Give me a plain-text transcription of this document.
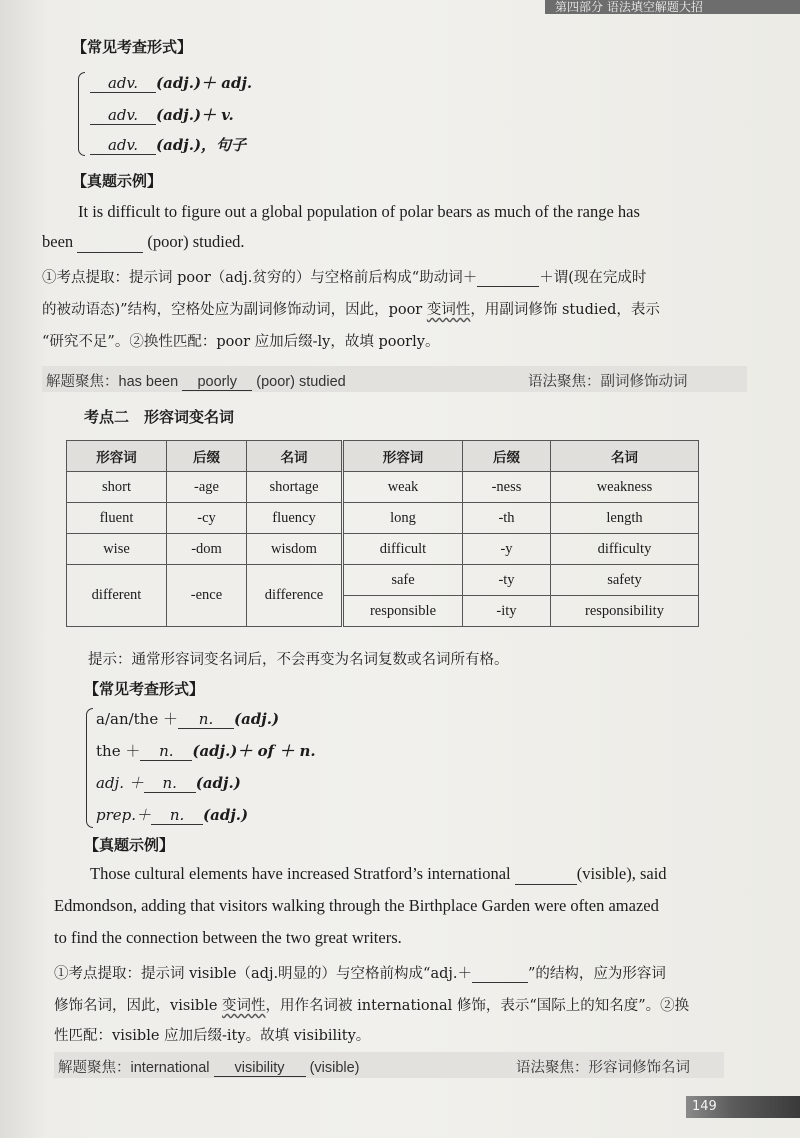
第四部分 语法填空解题大招
【常见考查形式】
adv. (adj.)＋ adj.
adv. (adj.)＋ v.
adv. (adj.)，句子
【真题示例】
It is difficult to figure out a global population of polar bears as much of the range has
been	(poor) studied.
①考点提取：提示词 poor（adj.贫穷的）与空格前后构成“助动词＋	＋谓(现在完成时
的被动语态)”结构，空格处应为副词修饰动词，因此，poor 变词性，用副词修饰 studied，表示
“研究不足”。②换性匹配：poor 应加后缀-ly，故填 poorly。
解题聚焦：has been poorly (poor) studied	语法聚焦：副词修饰动词
考点二　形容词变名词
形容词	后缀	名词	形容词	后缀	名词
short	-age	shortage	weak	-ness	weakness
fluent	-cy	fluency	long	-th	length
wise	-dom	wisdom	difficult	-y	difficulty
different	-ence	difference	safe	-ty	safety
			responsible	-ity	responsibility
提示：通常形容词变名词后，不会再变为名词复数或名词所有格。
【常见考查形式】
a/an/the ＋ n. (adj.)
the ＋ n. (adj.)＋ of ＋ n.
adj. ＋ n. (adj.)
prep.＋ n. (adj.)
【真题示例】
Those cultural elements have increased Stratford’s international	(visible), said
Edmondson, adding that visitors walking through the Birthplace Garden were often amazed
to find the connection between the two great writers.
①考点提取：提示词 visible（adj.明显的）与空格前构成“adj.＋	”的结构，应为形容词
修饰名词，因此，visible 变词性，用作名词被 international 修饰，表示“国际上的知名度”。②换
性匹配：visible 应加后缀-ity。故填 visibility。
解题聚焦：international visibility (visible)	语法聚焦：形容词修饰名词
149
